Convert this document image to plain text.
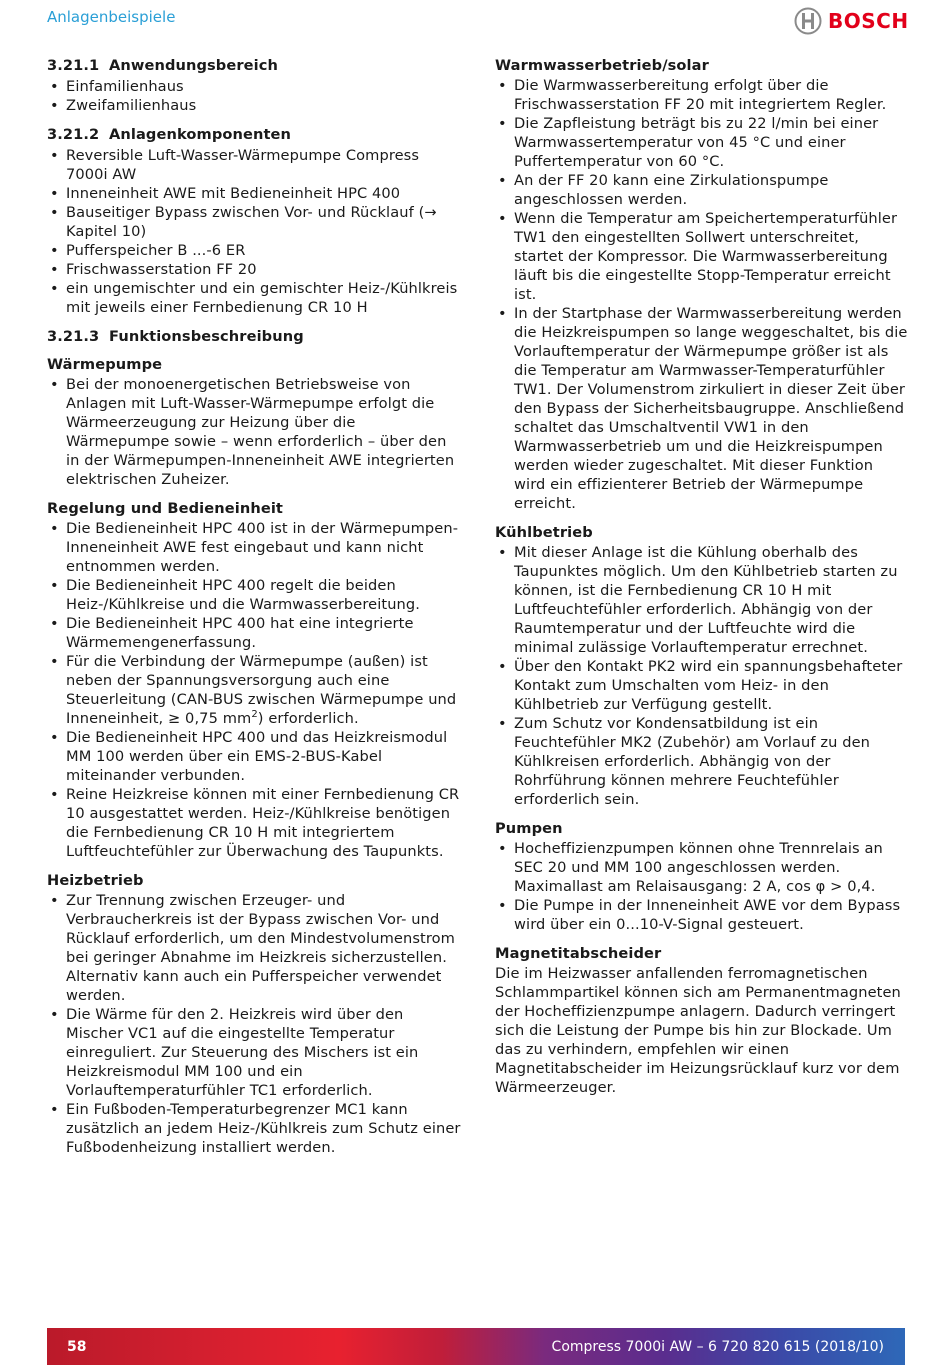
Anlagenbeispiele	BOSCH
3.21.1 Anwendungsbereich
• Einfamilienhaus
• Zweifamilienhaus
3.21.2 Anlagenkomponenten
• Reversible Luft-Wasser-Wärmepumpe Compress 7000i AW
• Inneneinheit AWE mit Bedieneinheit HPC 400
• Bauseitiger Bypass zwischen Vor- und Rücklauf (→ Kapitel 10)
• Pufferspeicher B ...-6 ER
• Frischwasserstation FF 20
• ein ungemischter und ein gemischter Heiz-/Kühlkreis mit jeweils einer Fernbedienung CR 10 H
3.21.3 Funktionsbeschreibung
Wärmepumpe
• Bei der monoenergetischen Betriebsweise von Anlagen mit Luft-Wasser-Wärmepumpe erfolgt die Wärmeerzeugung zur Heizung über die Wärmepumpe sowie – wenn erforderlich – über den in der Wärmepumpen-Inneneinheit AWE integrierten elektrischen Zuheizer.
Regelung und Bedieneinheit
• Die Bedieneinheit HPC 400 ist in der Wärmepumpen-Inneneinheit AWE fest eingebaut und kann nicht entnommen werden.
• Die Bedieneinheit HPC 400 regelt die beiden Heiz-/Kühlkreise und die Warmwasserbereitung.
• Die Bedieneinheit HPC 400 hat eine integrierte Wärmemengenerfassung.
• Für die Verbindung der Wärmepumpe (außen) ist neben der Spannungsversorgung auch eine Steuerleitung (CAN-BUS zwischen Wärmepumpe und Inneneinheit, ≥ 0,75 $mm^2$) erforderlich.
• Die Bedieneinheit HPC 400 und das Heizkreismodul MM 100 werden über ein EMS-2-BUS-Kabel miteinander verbunden.
• Reine Heizkreise können mit einer Fernbedienung CR 10 ausgestattet werden. Heiz-/Kühlkreise benötigen die Fernbedienung CR 10 H mit integriertem Luftfeuchtefühler zur Überwachung des Taupunkts.
Heizbetrieb
• Zur Trennung zwischen Erzeuger- und Verbraucherkreis ist der Bypass zwischen Vor- und Rücklauf erforderlich, um den Mindestvolumenstrom bei geringer Abnahme im Heizkreis sicherzustellen. Alternativ kann auch ein Pufferspeicher verwendet werden.
• Die Wärme für den 2. Heizkreis wird über den Mischer VC1 auf die eingestellte Temperatur einreguliert. Zur Steuerung des Mischers ist ein Heizkreismodul MM 100 und ein Vorlauftemperaturfühler TC1 erforderlich.
• Ein Fußboden-Temperaturbegrenzer MC1 kann zusätzlich an jedem Heiz-/Kühlkreis zum Schutz einer Fußbodenheizung installiert werden.
Warmwasserbetrieb/solar
• Die Warmwasserbereitung erfolgt über die Frischwasserstation FF 20 mit integriertem Regler.
• Die Zapfleistung beträgt bis zu 22 l/min bei einer Warmwassertemperatur von 45 °C und einer Puffertemperatur von 60 °C.
• An der FF 20 kann eine Zirkulationspumpe angeschlossen werden.
• Wenn die Temperatur am Speichertemperaturfühler TW1 den eingestellten Sollwert unterschreitet, startet der Kompressor. Die Warmwasserbereitung läuft bis die eingestellte Stopp-Temperatur erreicht ist.
• In der Startphase der Warmwasserbereitung werden die Heizkreispumpen so lange weggeschaltet, bis die Vorlauftemperatur der Wärmepumpe größer ist als die Temperatur am Warmwasser-Temperaturfühler TW1. Der Volumenstrom zirkuliert in dieser Zeit über den Bypass der Sicherheitsbaugruppe. Anschließend schaltet das Umschaltventil VW1 in den Warmwasserbetrieb um und die Heizkreispumpen werden wieder zugeschaltet. Mit dieser Funktion wird ein effizienterer Betrieb der Wärmepumpe erreicht.
Kühlbetrieb
• Mit dieser Anlage ist die Kühlung oberhalb des Taupunktes möglich. Um den Kühlbetrieb starten zu können, ist die Fernbedienung CR 10 H mit Luftfeuchtefühler erforderlich. Abhängig von der Raumtemperatur und der Luftfeuchte wird die minimal zulässige Vorlauftemperatur errechnet.
• Über den Kontakt PK2 wird ein spannungsbehafteter Kontakt zum Umschalten vom Heiz- in den Kühlbetrieb zur Verfügung gestellt.
• Zum Schutz vor Kondensatbildung ist ein Feuchtefühler MK2 (Zubehör) am Vorlauf zu den Kühlkreisen erforderlich. Abhängig von der Rohrführung können mehrere Feuchtefühler erforderlich sein.
Pumpen
• Hocheffizienzpumpen können ohne Trennrelais an SEC 20 und MM 100 angeschlossen werden. Maximallast am Relaisausgang: 2 A, cos φ > 0,4.
• Die Pumpe in der Inneneinheit AWE vor dem Bypass wird über ein 0...10-V-Signal gesteuert.
Magnetitabscheider
Die im Heizwasser anfallenden ferromagnetischen Schlammpartikel können sich am Permanentmagneten der Hocheffizienzpumpe anlagern. Dadurch verringert sich die Leistung der Pumpe bis hin zur Blockade. Um das zu verhindern, empfehlen wir einen Magnetitabscheider im Heizungsrücklauf kurz vor dem Wärmeerzeuger.
58	Compress 7000i AW – 6 720 820 615 (2018/10)
